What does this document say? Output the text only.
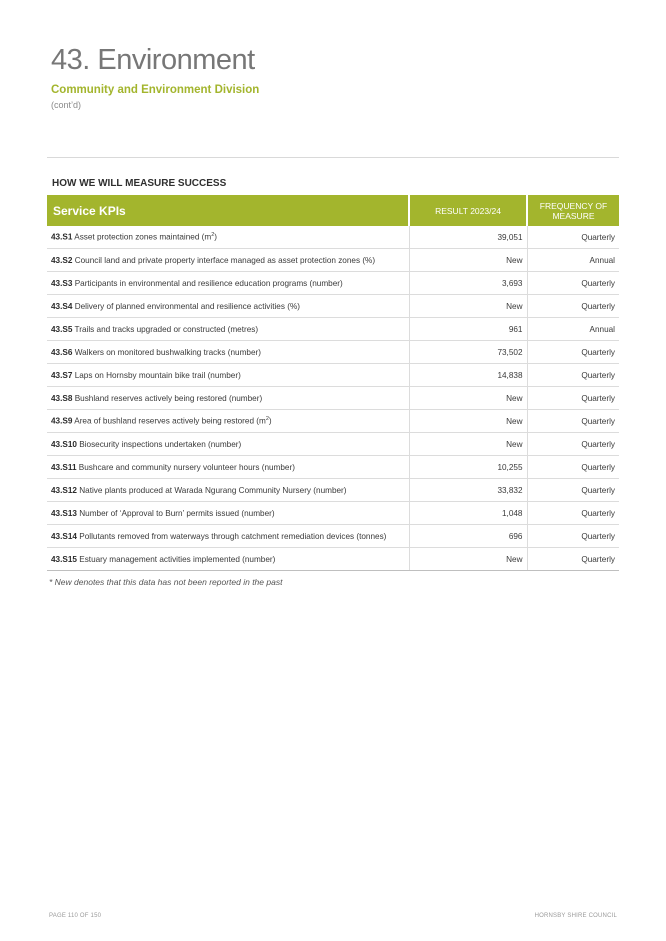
43. Environment

Community and Environment Division

(cont’d)

HOW WE WILL MEASURE SUCCESS

Service KPIs	RESULT 2023/24	FREQUENCY OF MEASURE
43.S1 Asset protection zones maintained $(m^2)$	39,051	Quarterly
43.S2 Council land and private property interface managed as asset protection zones (%)	New	Annual
43.S3 Participants in environmental and resilience education programs (number)	3,693	Quarterly
43.S4 Delivery of planned environmental and resilience activities (%)	New	Quarterly
43.S5 Trails and tracks upgraded or constructed (metres)	961	Annual
43.S6 Walkers on monitored bushwalking tracks (number)	73,502	Quarterly
43.S7 Laps on Hornsby mountain bike trail (number)	14,838	Quarterly
43.S8 Bushland reserves actively being restored (number)	New	Quarterly
43.S9 Area of bushland reserves actively being restored $(m^2)$	New	Quarterly
43.S10 Biosecurity inspections undertaken (number)	New	Quarterly
43.S11 Bushcare and community nursery volunteer hours (number)	10,255	Quarterly
43.S12 Native plants produced at Warada Ngurang Community Nursery (number)	33,832	Quarterly
43.S13 Number of ‘Approval to Burn’ permits issued (number)	1,048	Quarterly
43.S14 Pollutants removed from waterways through catchment remediation devices (tonnes)	696	Quarterly
43.S15 Estuary management activities implemented (number)	New	Quarterly

* New denotes that this data has not been reported in the past

PAGE 110 OF 150	HORNSBY SHIRE COUNCIL
